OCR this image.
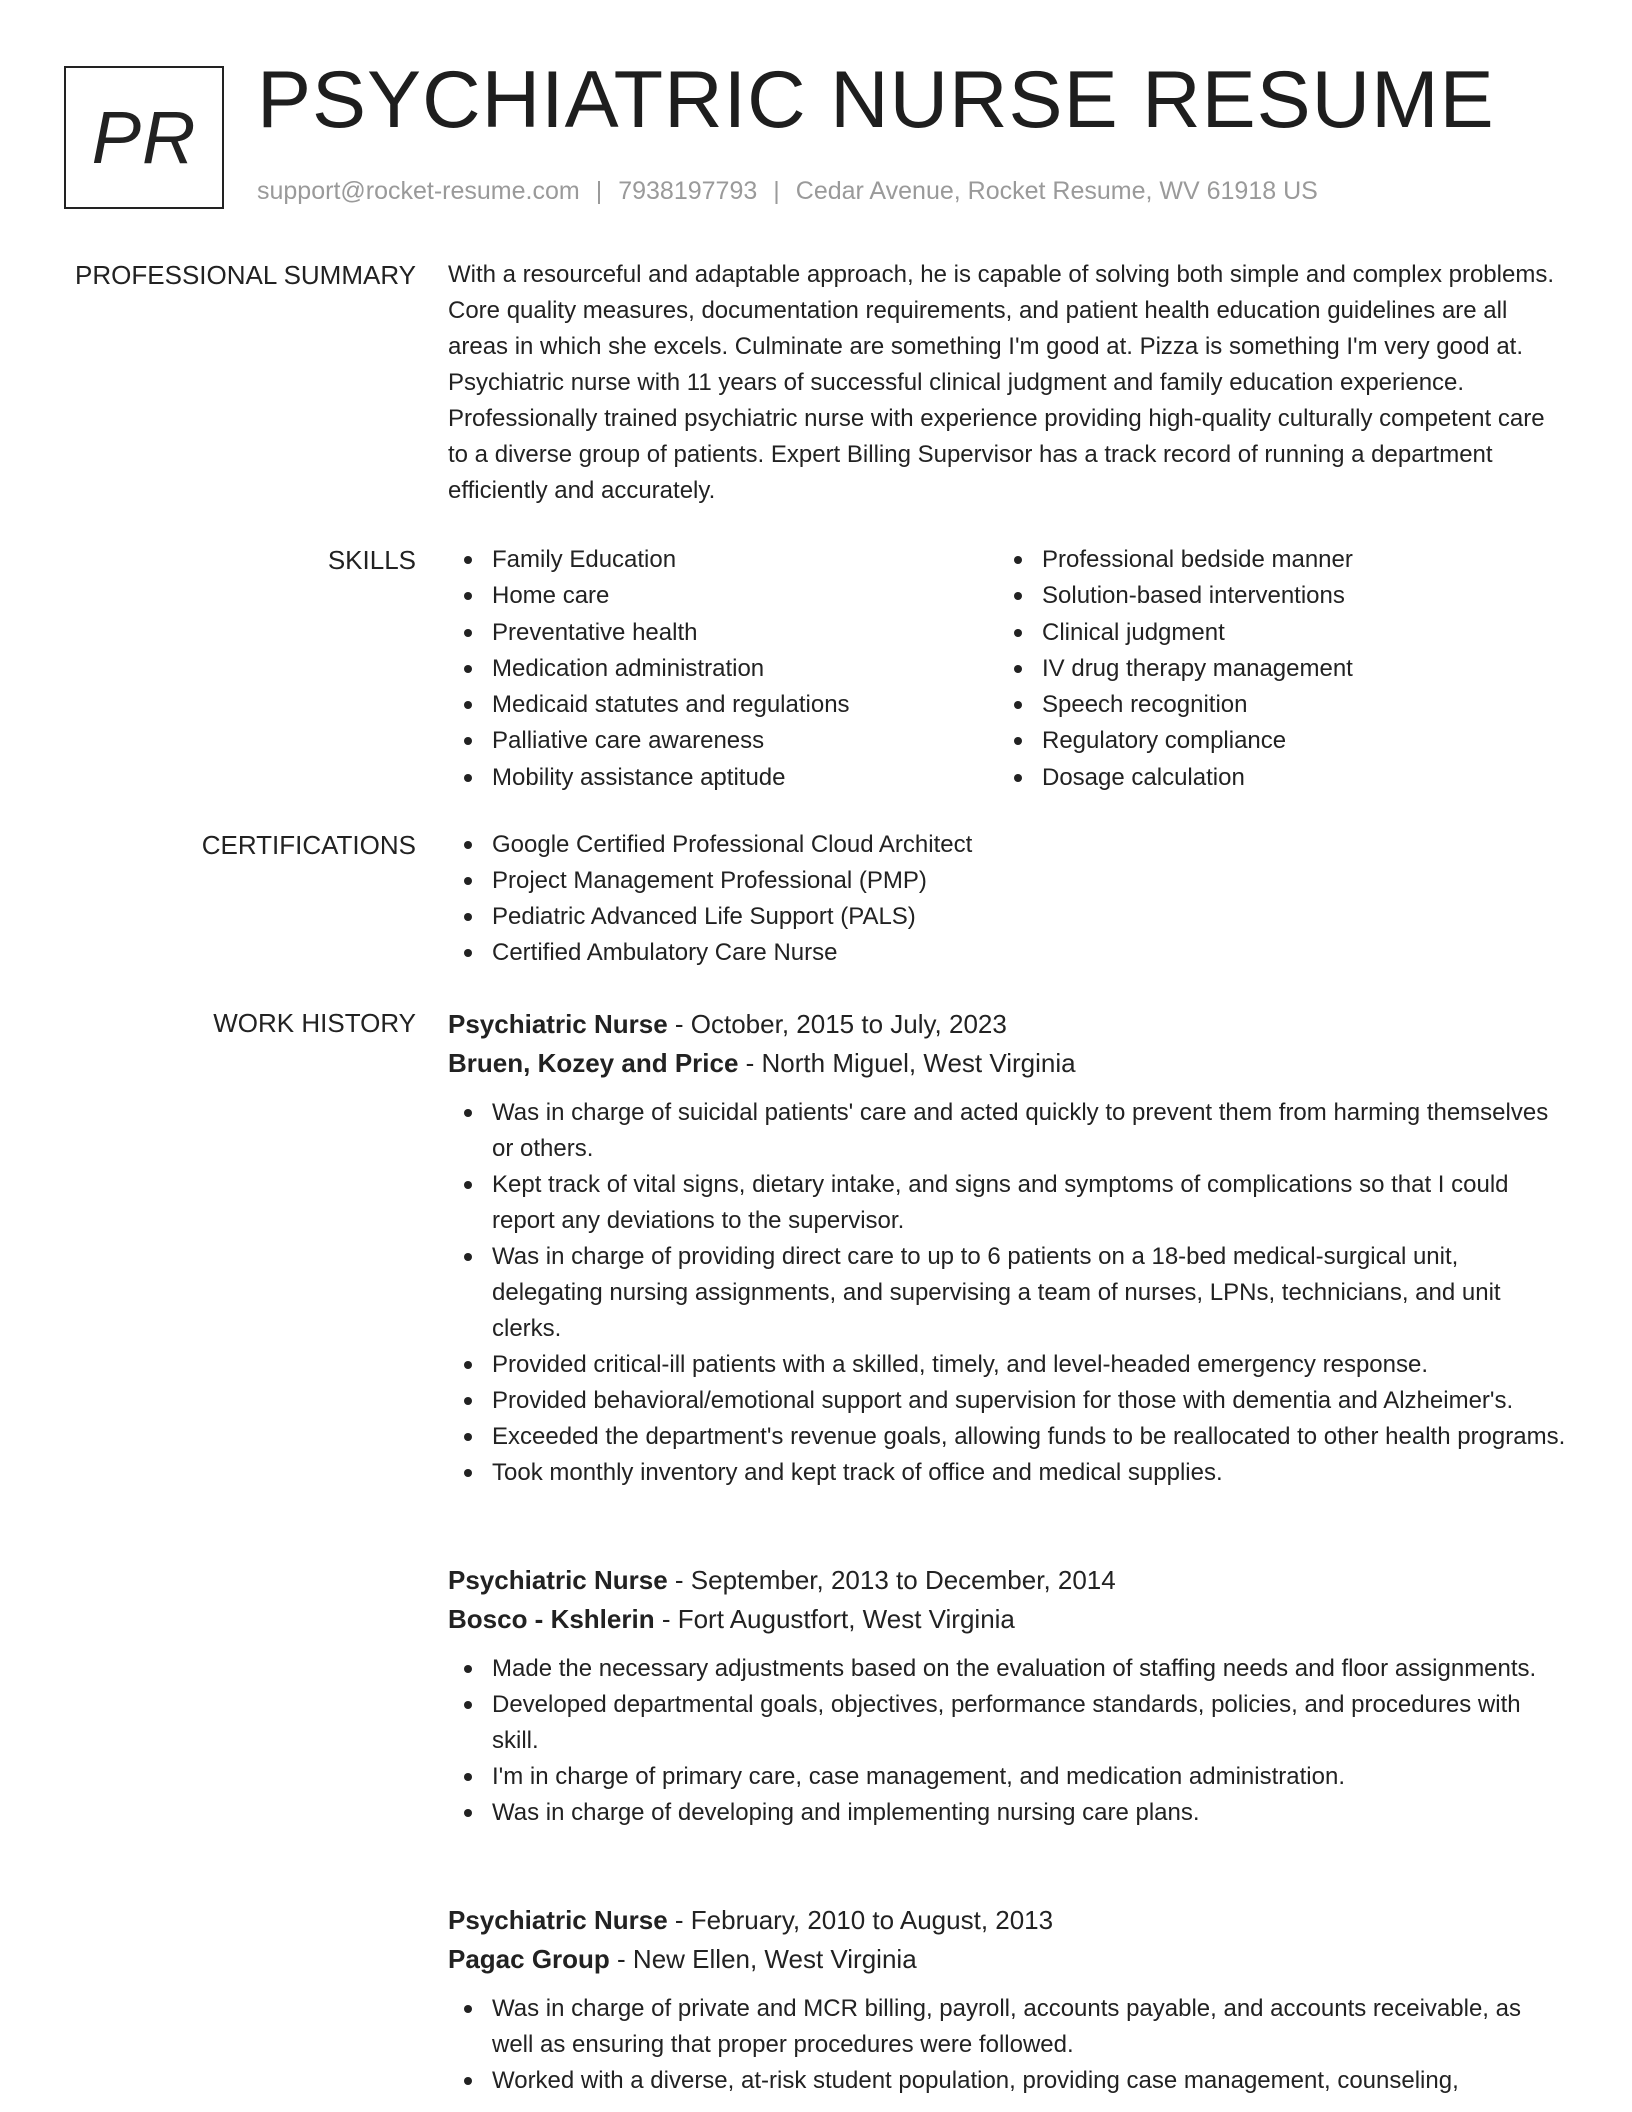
PR PSYCHIATRIC NURSE RESUME
support@rocket-resume.com | 7938197793 | Cedar Avenue, Rocket Resume, WV 61918 US
PROFESSIONAL SUMMARY With a resourceful and adaptable approach, he is capable of solving both simple and complex problems. Core quality measures, documentation requirements, and patient health education guidelines are all areas in which she excels. Culminate are something I'm good at. Pizza is something I'm very good at. Psychiatric nurse with 11 years of successful clinical judgment and family education experience. Professionally trained psychiatric nurse with experience providing high-quality culturally competent care to a diverse group of patients. Expert Billing Supervisor has a track record of running a department efficiently and accurately.

SKILLS	Family Education
Home care
Preventative health
Medication administration
Medicaid statutes and regulations
Palliative care awareness
Mobility assistance aptitude
Professional bedside manner
Solution-based interventions
Clinical judgment
IV drug therapy management
Speech recognition
Regulatory compliance
Dosage calculation
CERTIFICATIONS	Google Certified Professional Cloud Architect
Project Management Professional (PMP)
Pediatric Advanced Life Support (PALS)
Certified Ambulatory Care Nurse
WORK HISTORY Psychiatric Nurse - October, 2015 to July, 2023
Bruen, Kozey and Price - North Miguel, West Virginia
Was in charge of suicidal patients' care and acted quickly to prevent them from harming themselves or others.
Kept track of vital signs, dietary intake, and signs and symptoms of complications so that I could report any deviations to the supervisor.
Was in charge of providing direct care to up to 6 patients on a 18-bed medical-surgical unit, delegating nursing assignments, and supervising a team of nurses, LPNs, technicians, and unit clerks.
Provided critical-ill patients with a skilled, timely, and level-headed emergency response.
Provided behavioral/emotional support and supervision for those with dementia and Alzheimer's.
Exceeded the department's revenue goals, allowing funds to be reallocated to other health programs.
Took monthly inventory and kept track of office and medical supplies.
Psychiatric Nurse - September, 2013 to December, 2014
Bosco - Kshlerin - Fort Augustfort, West Virginia
Made the necessary adjustments based on the evaluation of staffing needs and floor assignments.
Developed departmental goals, objectives, performance standards, policies, and procedures with skill.
I'm in charge of primary care, case management, and medication administration.
Was in charge of developing and implementing nursing care plans.
Psychiatric Nurse - February, 2010 to August, 2013
Pagac Group - New Ellen, West Virginia
Was in charge of private and MCR billing, payroll, accounts payable, and accounts receivable, as well as ensuring that proper procedures were followed.
Worked with a diverse, at-risk student population, providing case management, counseling,
